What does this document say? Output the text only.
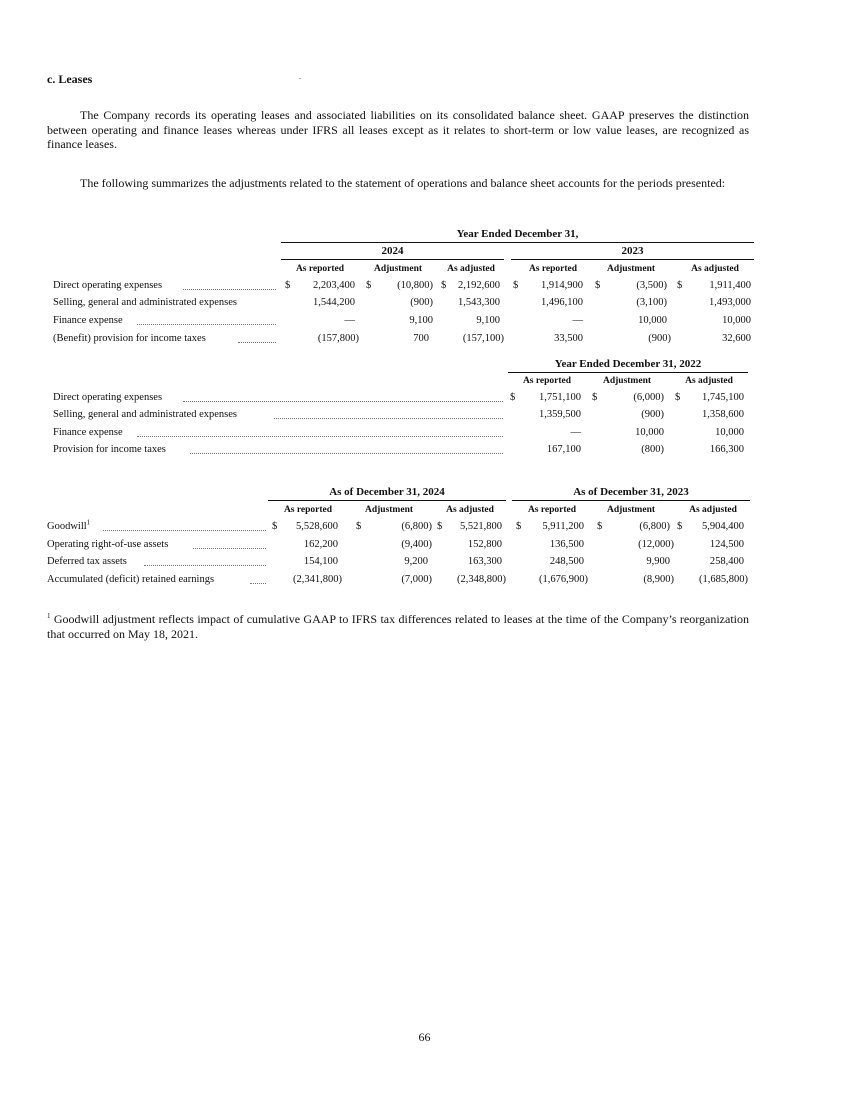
c. Leases	.
The Company records its operating leases and associated liabilities on its consolidated balance sheet. GAAP preserves the distinction between operating and finance leases whereas under IFRS all leases except as it relates to short-term or low value leases, are recognized as finance leases.
The following summarizes the adjustments related to the statement of operations and balance sheet accounts for the periods presented:
Year Ended December 31,
2024	2023
As reported	Adjustment	As adjusted	As reported	Adjustment	As adjusted
Direct operating expenses	$	2,203,400 $	(10,800) $	2,192,600 $	1,914,900 $	(3,500) $	1,911,400
Selling, general and administrated expenses	1,544,200	(900)	1,543,300	1,496,100	(3,100)	1,493,000
Finance expense	—	9,100	9,100	—	10,000	10,000
(Benefit) provision for income taxes	(157,800)	700	(157,100)	33,500	(900)	32,600
Year Ended December 31, 2022
As reported	Adjustment	As adjusted
Direct operating expenses	$	1,751,100 $	(6,000) $	1,745,100
Selling, general and administrated expenses	1,359,500	(900)	1,358,600
Finance expense	—	10,000	10,000
Provision for income taxes	167,100	(800)	166,300
As of December 31, 2024	As of December 31, 2023
As reported	Adjustment	As adjusted	As reported	Adjustment	As adjusted
Goodwill$^1$	$	5,528,600 $	(6,800) $	5,521,800 $	5,911,200 $	(6,800) $	5,904,400
Operating right-of-use assets	162,200	(9,400)	152,800	136,500	(12,000)	124,500
Deferred tax assets	154,100	9,200	163,300	248,500	9,900	258,400
Accumulated (deficit) retained earnings	(2,341,800)	(7,000)	(2,348,800)	(1,676,900)	(8,900)	(1,685,800)
$^1$ Goodwill adjustment reflects impact of cumulative GAAP to IFRS tax differences related to leases at the time of the Company’s reorganization that occurred on May 18, 2021.
66
